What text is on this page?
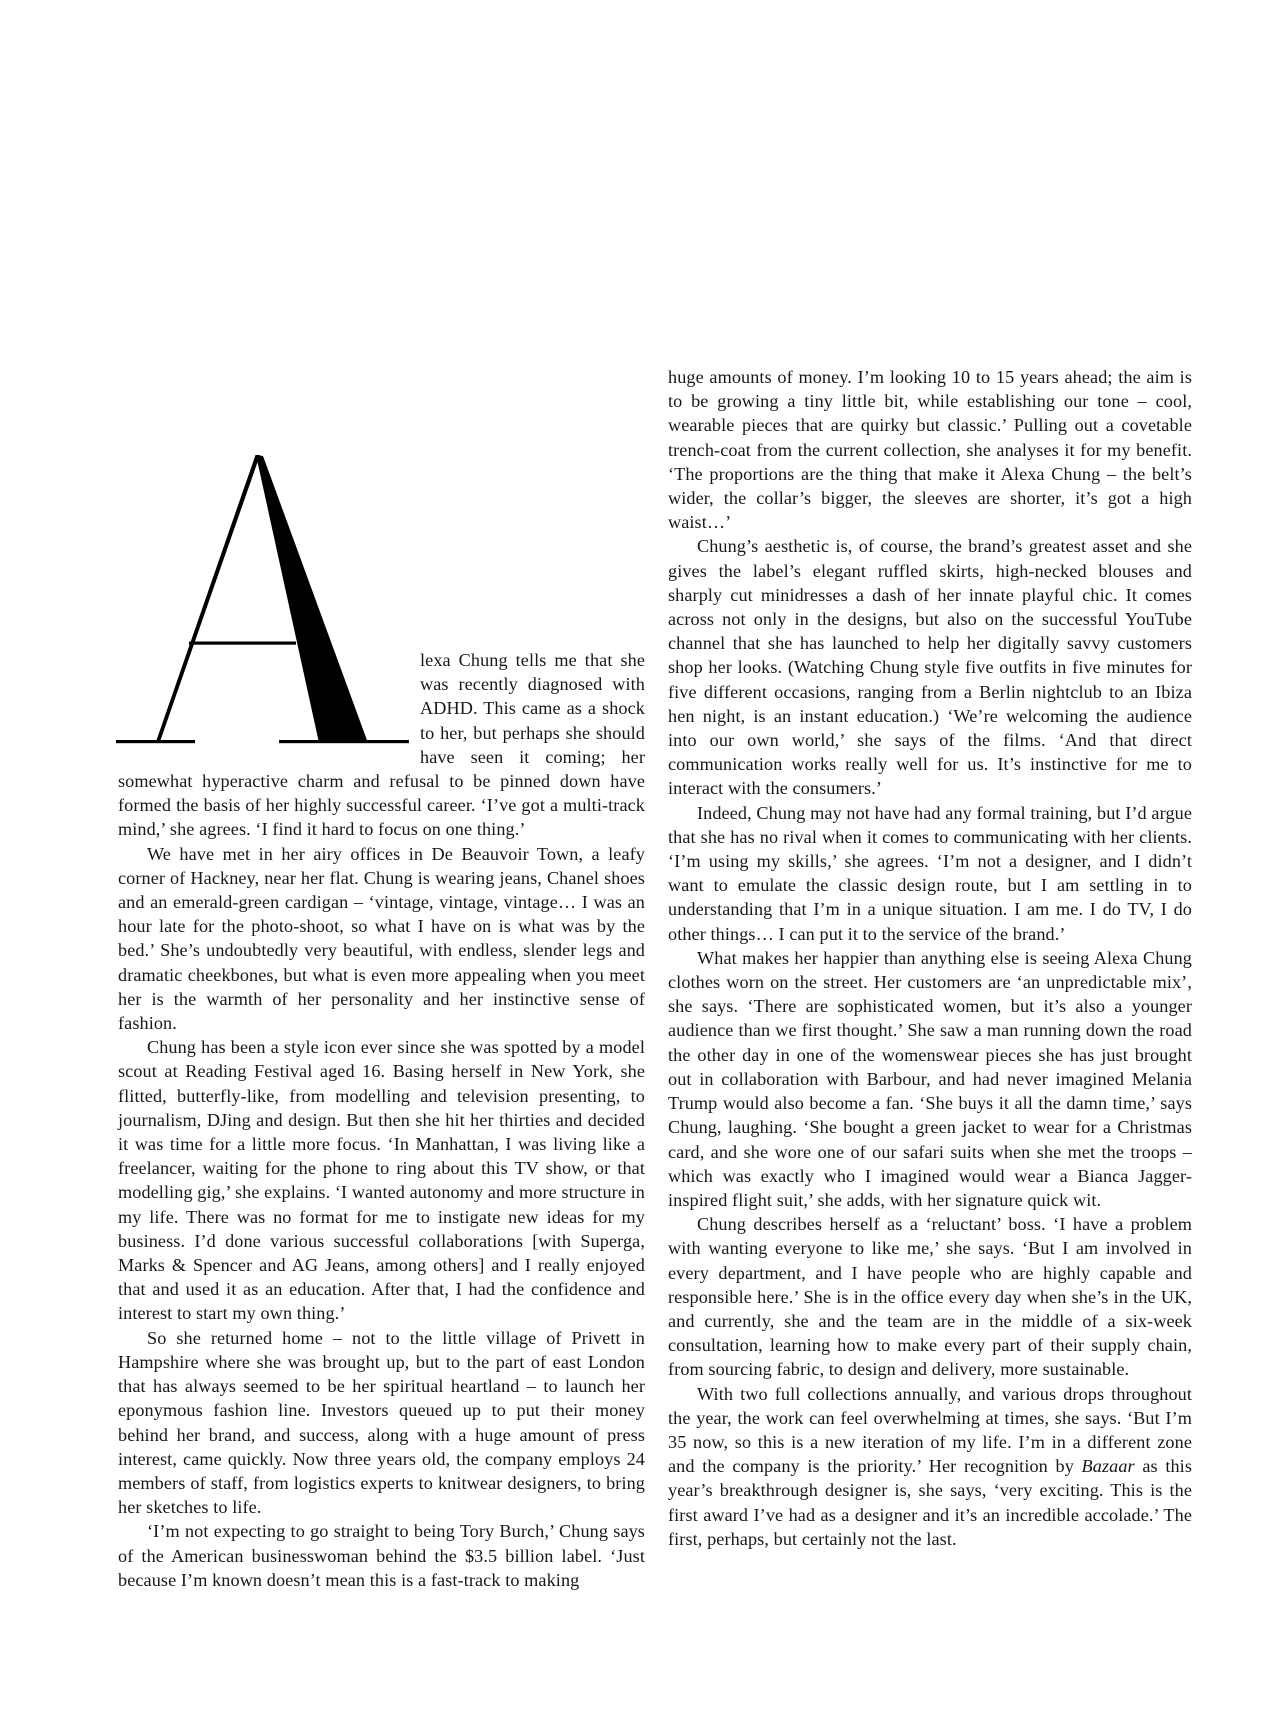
lexa Chung tells me that she was recently diagnosed with ADHD. This came as a shock to her, but perhaps she should have seen it coming; her somewhat hyperactive charm and refusal to be pinned down have formed the basis of her highly successful career. ‘I’ve got a multi-track mind,’ she agrees. ‘I find it hard to focus on one thing.’

We have met in her airy offices in De Beauvoir Town, a leafy corner of Hackney, near her flat. Chung is wearing jeans, Chanel shoes and an emerald-green cardigan – ‘vintage, vintage, vintage… I was an hour late for the photo-shoot, so what I have on is what was by the bed.’ She’s undoubtedly very beautiful, with endless, slender legs and dramatic cheekbones, but what is even more appealing when you meet her is the warmth of her personality and her instinctive sense of fashion.

Chung has been a style icon ever since she was spotted by a model scout at Reading Festival aged 16. Basing herself in New York, she flitted, butterfly-like, from modelling and television presenting, to journalism, DJing and design. But then she hit her thirties and decided it was time for a little more focus. ‘In Manhattan, I was living like a freelancer, waiting for the phone to ring about this TV show, or that modelling gig,’ she explains. ‘I wanted autonomy and more structure in my life. There was no format for me to instigate new ideas for my business. I’d done various successful collaborations [with Superga, Marks & Spencer and AG Jeans, among others] and I really enjoyed that and used it as an education. After that, I had the confidence and interest to start my own thing.’

So she returned home – not to the little village of Privett in Hampshire where she was brought up, but to the part of east London that has always seemed to be her spiritual heartland – to launch her eponymous fashion line. Investors queued up to put their money behind her brand, and success, along with a huge amount of press interest, came quickly. Now three years old, the company employs 24 members of staff, from logistics experts to knitwear designers, to bring her sketches to life.

‘I’m not expecting to go straight to being Tory Burch,’ Chung says of the American businesswoman behind the $3.5 billion label. ‘Just because I’m known doesn’t mean this is a fast-track to making

huge amounts of money. I’m looking 10 to 15 years ahead; the aim is to be growing a tiny little bit, while establishing our tone – cool, wearable pieces that are quirky but classic.’ Pulling out a covetable trench-coat from the current collection, she analyses it for my benefit. ‘The proportions are the thing that make it Alexa Chung – the belt’s wider, the collar’s bigger, the sleeves are shorter, it’s got a high waist…’

Chung’s aesthetic is, of course, the brand’s greatest asset and she gives the label’s elegant ruffled skirts, high-necked blouses and sharply cut minidresses a dash of her innate playful chic. It comes across not only in the designs, but also on the successful YouTube channel that she has launched to help her digitally savvy customers shop her looks. (Watching Chung style five outfits in five minutes for five different occasions, ranging from a Berlin nightclub to an Ibiza hen night, is an instant education.) ‘We’re welcoming the audience into our own world,’ she says of the films. ‘And that direct communication works really well for us. It’s instinctive for me to interact with the consumers.’

Indeed, Chung may not have had any formal training, but I’d argue that she has no rival when it comes to communicating with her clients. ‘I’m using my skills,’ she agrees. ‘I’m not a designer, and I didn’t want to emulate the classic design route, but I am settling in to understanding that I’m in a unique situation. I am me. I do TV, I do other things… I can put it to the service of the brand.’

What makes her happier than anything else is seeing Alexa Chung clothes worn on the street. Her customers are ‘an unpredictable mix’, she says. ‘There are sophisticated women, but it’s also a younger audience than we first thought.’ She saw a man running down the road the other day in one of the womenswear pieces she has just brought out in collaboration with Barbour, and had never imagined Melania Trump would also become a fan. ‘She buys it all the damn time,’ says Chung, laughing. ‘She bought a green jacket to wear for a Christmas card, and she wore one of our safari suits when she met the troops – which was exactly who I imagined would wear a Bianca Jagger-inspired flight suit,’ she adds, with her signature quick wit.

Chung describes herself as a ‘reluctant’ boss. ‘I have a problem with wanting everyone to like me,’ she says. ‘But I am involved in every department, and I have people who are highly capable and responsible here.’ She is in the office every day when she’s in the UK, and currently, she and the team are in the middle of a six-week consultation, learning how to make every part of their supply chain, from sourcing fabric, to design and delivery, more sustainable.

With two full collections annually, and various drops throughout the year, the work can feel overwhelming at times, she says. ‘But I’m 35 now, so this is a new iteration of my life. I’m in a different zone and the company is the priority.’ Her recognition by Bazaar as this year’s breakthrough designer is, she says, ‘very exciting. This is the first award I’ve had as a designer and it’s an incredible accolade.’ The first, perhaps, but certainly not the last.
